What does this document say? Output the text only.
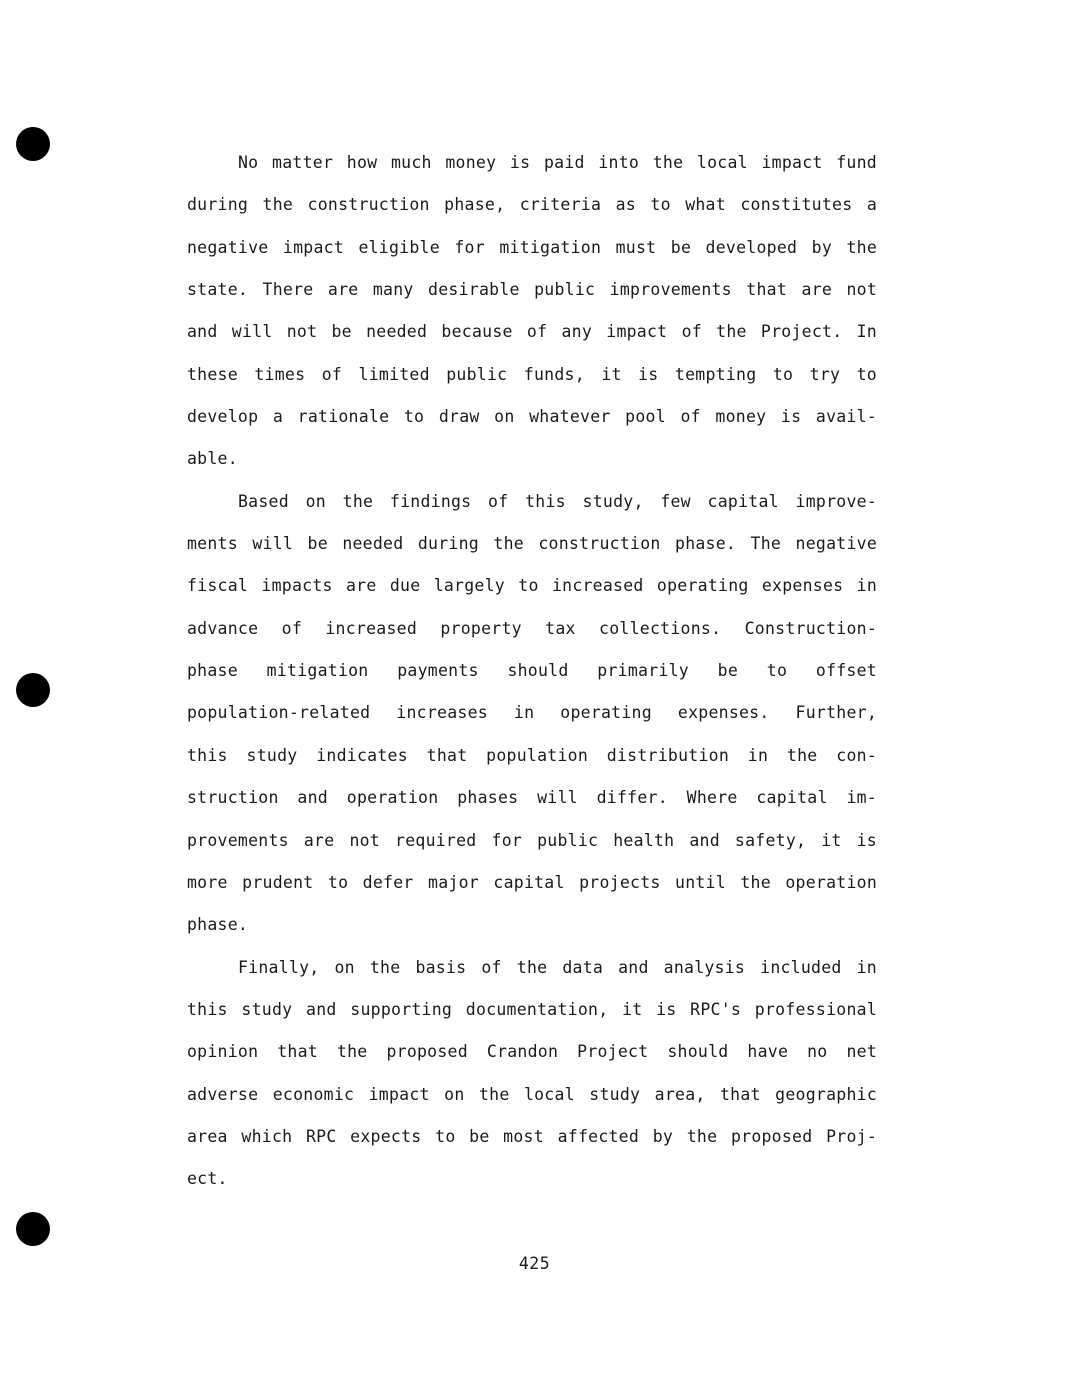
No matter how much money is paid into the local impact fund
during the construction phase, criteria as to what constitutes a
negative impact eligible for mitigation must be developed by the
state. There are many desirable public improvements that are not
and will not be needed because of any impact of the Project. In
these times of limited public funds, it is tempting to try to
develop a rationale to draw on whatever pool of money is avail-
able.

Based on the findings of this study, few capital improve-
ments will be needed during the construction phase. The negative
fiscal impacts are due largely to increased operating expenses in
advance of increased property tax collections. Construction-
phase mitigation payments should primarily be to offset
population-related increases in operating expenses. Further,
this study indicates that population distribution in the con-
struction and operation phases will differ. Where capital im-
provements are not required for public health and safety, it is
more prudent to defer major capital projects until the operation
phase.

Finally, on the basis of the data and analysis included in
this study and supporting documentation, it is RPC's professional
opinion that the proposed Crandon Project should have no net
adverse economic impact on the local study area, that geographic
area which RPC expects to be most affected by the proposed Proj-
ect.

425
